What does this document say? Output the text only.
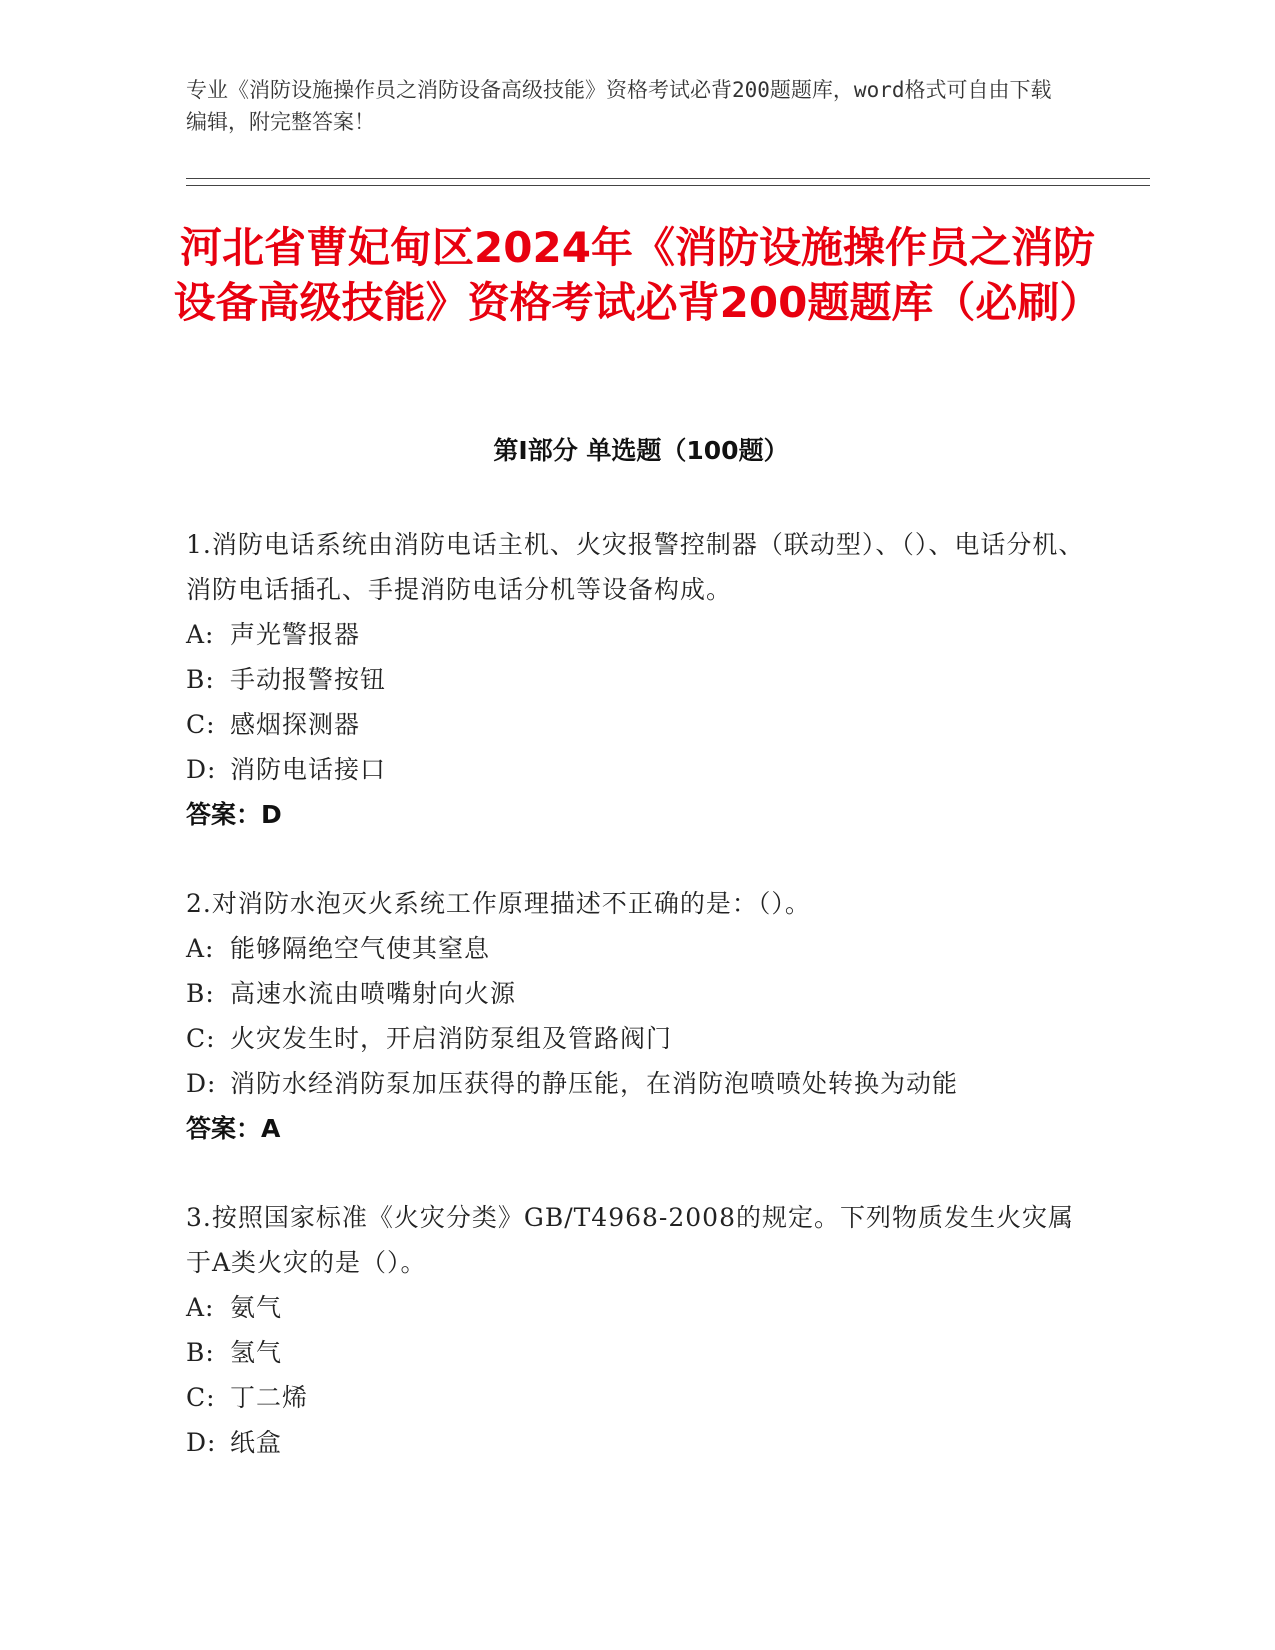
专业《消防设施操作员之消防设备高级技能》资格考试必背200题题库，word格式可自由下载编辑，附完整答案！
河北省曹妃甸区2024年《消防设施操作员之消防设备高级技能》资格考试必背200题题库（必刷）
第Ⅰ部分 单选题（100题）
1.消防电话系统由消防电话主机、火灾报警控制器（联动型）、（）、电话分机、消防电话插孔、手提消防电话分机等设备构成。
A: 声光警报器
B: 手动报警按钮
C: 感烟探测器
D: 消防电话接口
答案：D
2.对消防水泡灭火系统工作原理描述不正确的是：（）。
A: 能够隔绝空气使其窒息
B: 高速水流由喷嘴射向火源
C: 火灾发生时，开启消防泵组及管路阀门
D: 消防水经消防泵加压获得的静压能，在消防泡喷喷处转换为动能
答案：A
3.按照国家标准《火灾分类》GB/T4968-2008的规定。下列物质发生火灾属于A类火灾的是（）。
A: 氨气
B: 氢气
C: 丁二烯
D: 纸盒
